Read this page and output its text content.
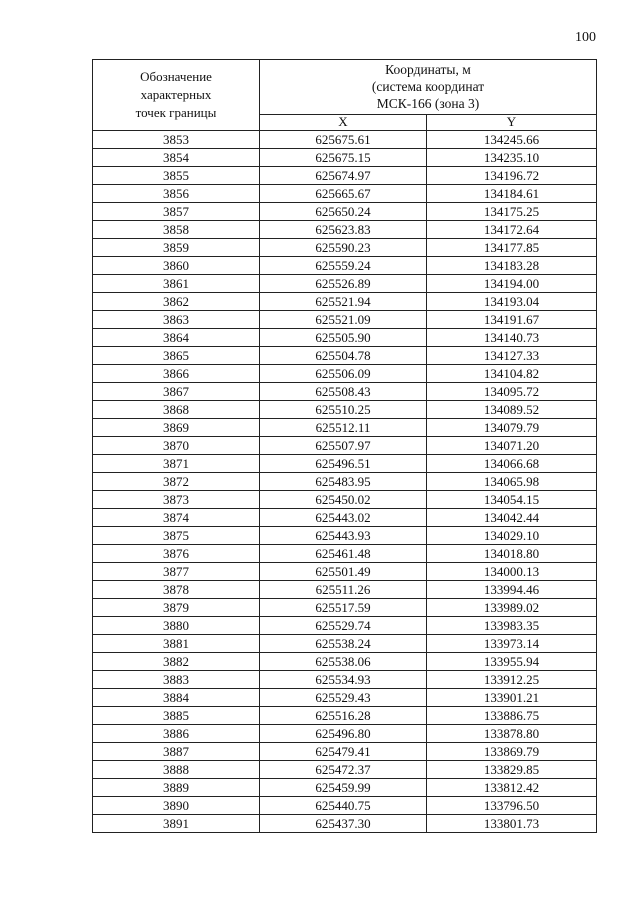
100
Обозначение
характерных
точек границы	Координаты, м
(система координат
МСК-166 (зона 3)	

	X	Y
3853	625675.61	134245.66
3854	625675.15	134235.10
3855	625674.97	134196.72
3856	625665.67	134184.61
3857	625650.24	134175.25
3858	625623.83	134172.64
3859	625590.23	134177.85
3860	625559.24	134183.28
3861	625526.89	134194.00
3862	625521.94	134193.04
3863	625521.09	134191.67
3864	625505.90	134140.73
3865	625504.78	134127.33
3866	625506.09	134104.82
3867	625508.43	134095.72
3868	625510.25	134089.52
3869	625512.11	134079.79
3870	625507.97	134071.20
3871	625496.51	134066.68
3872	625483.95	134065.98
3873	625450.02	134054.15
3874	625443.02	134042.44
3875	625443.93	134029.10
3876	625461.48	134018.80
3877	625501.49	134000.13
3878	625511.26	133994.46
3879	625517.59	133989.02
3880	625529.74	133983.35
3881	625538.24	133973.14
3882	625538.06	133955.94
3883	625534.93	133912.25
3884	625529.43	133901.21
3885	625516.28	133886.75
3886	625496.80	133878.80
3887	625479.41	133869.79
3888	625472.37	133829.85
3889	625459.99	133812.42
3890	625440.75	133796.50
3891	625437.30	133801.73
